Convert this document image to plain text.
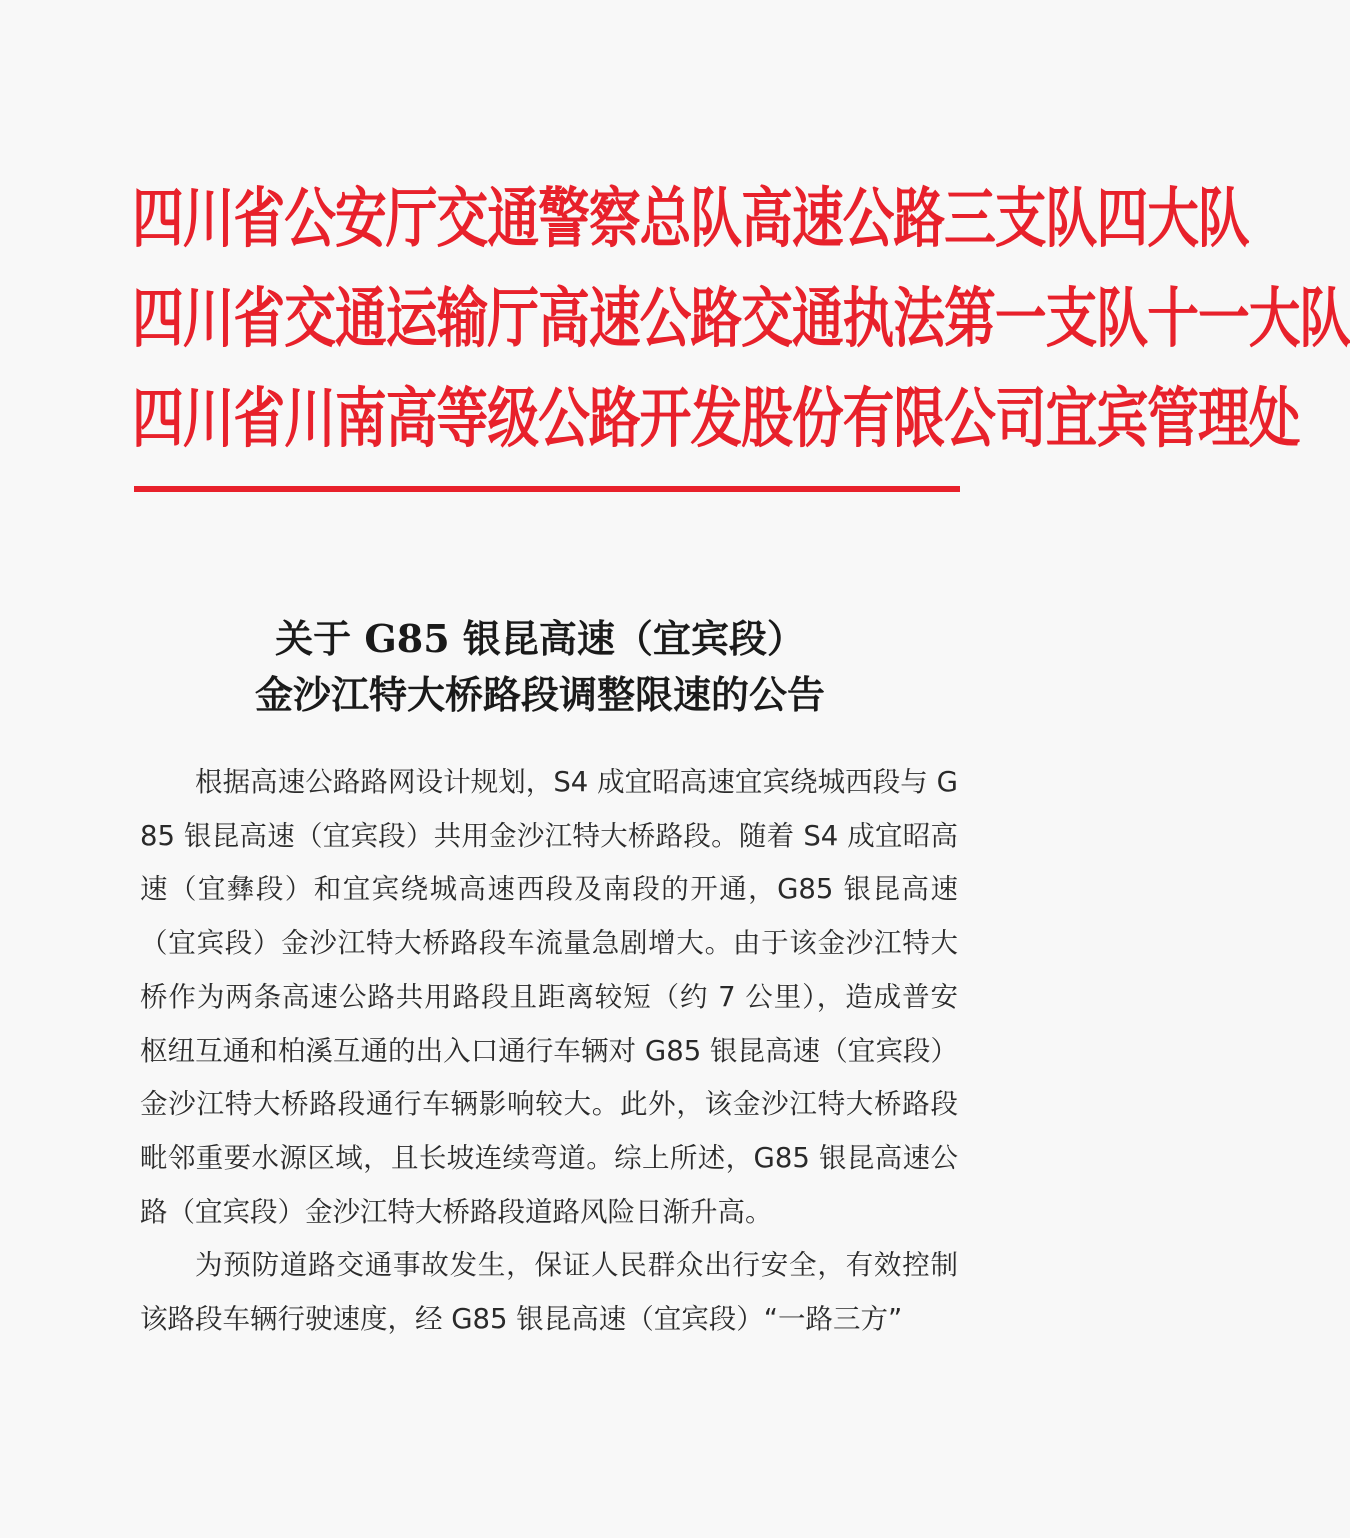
四川省公安厅交通警察总队高速公路三支队四大队
四川省交通运输厅高速公路交通执法第一支队十一大队
四川省川南高等级公路开发股份有限公司宜宾管理处
关于 G85 银昆高速（宜宾段）
金沙江特大桥路段调整限速的公告

根据高速公路路网设计规划，S4 成宜昭高速宜宾绕城西段与 G85 银昆高速（宜宾段）共用金沙江特大桥路段。随着 S4 成宜昭高速（宜彝段）和宜宾绕城高速西段及南段的开通，G85 银昆高速（宜宾段）金沙江特大桥路段车流量急剧增大。由于该金沙江特大桥作为两条高速公路共用路段且距离较短（约 7 公里），造成普安枢纽互通和柏溪互通的出入口通行车辆对 G85 银昆高速（宜宾段）金沙江特大桥路段通行车辆影响较大。此外，该金沙江特大桥路段毗邻重要水源区域，且长坡连续弯道。综上所述，G85 银昆高速公路（宜宾段）金沙江特大桥路段道路风险日渐升高。

为预防道路交通事故发生，保证人民群众出行安全，有效控制该路段车辆行驶速度，经 G85 银昆高速（宜宾段）“一路三方”
